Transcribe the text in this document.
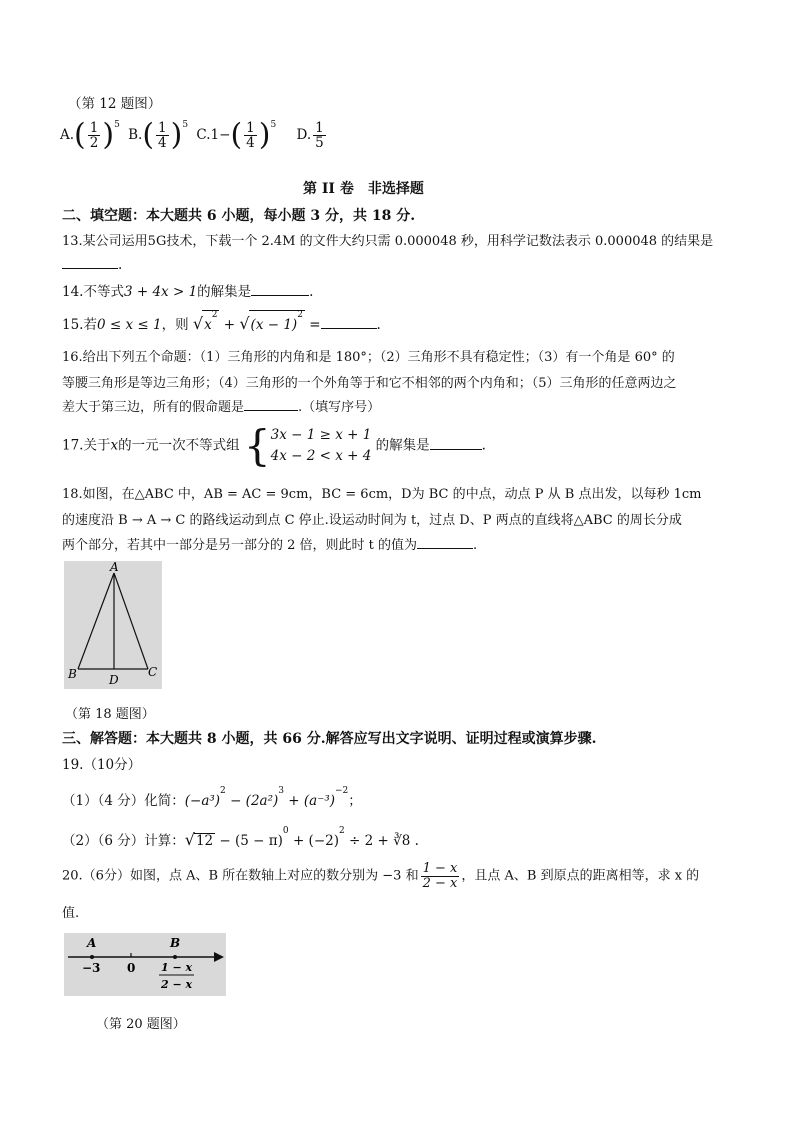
（第 12 题图）
$A.( \frac{1}{2} )^5$ $B.( \frac{1}{4} )^5$ $C.1-( \frac{1}{4} )^5$ D. $\frac{1}{5}$
第 II 卷　非选择题
二、填空题：本大题共 6 小题，每小题 3 分，共 18 分.
13.某公司运用5G技术，下载一个 2.4M 的文件大约只需 0.000048 秒，用科学记数法表示 0.000048 的结果是
.
14.不等式3 + 4x > 1的解集是	.
15.若0 ≤ x ≤ 1，则 $√x^2 + √(x - 1)^2$ =	.
16.给出下列五个命题：（1）三角形的内角和是 180°；（2）三角形不具有稳定性；（3）有一个角是 60° 的
等腰三角形是等边三角形；（4）三角形的一个外角等于和它不相邻的两个内角和；（5）三角形的任意两边之
差大于第三边，所有的假命题是	.（填写序号）
17.关于x的一元一次不等式组 { 3x − 1 ≥ x + 1
4x − 2 < x + 4
的解集是	.
18.如图，在△ABC 中，AB = AC = 9cm，BC = 6cm，D为 BC 的中点，动点 P 从 B 点出发，以每秒 1cm
的速度沿 B → A → C 的路线运动到点 C 停止.设运动时间为 t，过点 D、P 两点的直线将△ABC 的周长分成
两个部分，若其中一部分是另一部分的 2 倍，则此时 t 的值为	.
A
B	C
D
（第 18 题图）
三、解答题：本大题共 8 小题，共 66 分.解答应写出文字说明、证明过程或演算步骤.
19.（10分）
（1）（4 分）化简：$(-a^3)^2 - (2a^2)^3 + (a^{-3})^{-2}$；
（2）（6 分）计算：$√12 - (5 - \pi)^0 + (-2)^2 \div 2$ + ∛8 .
20.（6分）如图，点 A、B 所在数轴上对应的数分别为 −3 和 $\frac{1 - x}{2 - x}$ ，且点 A、B 到原点的距离相等，求 x 的
值.
A	B
−3 0 1 − x
2 − x
（第 20 题图）
